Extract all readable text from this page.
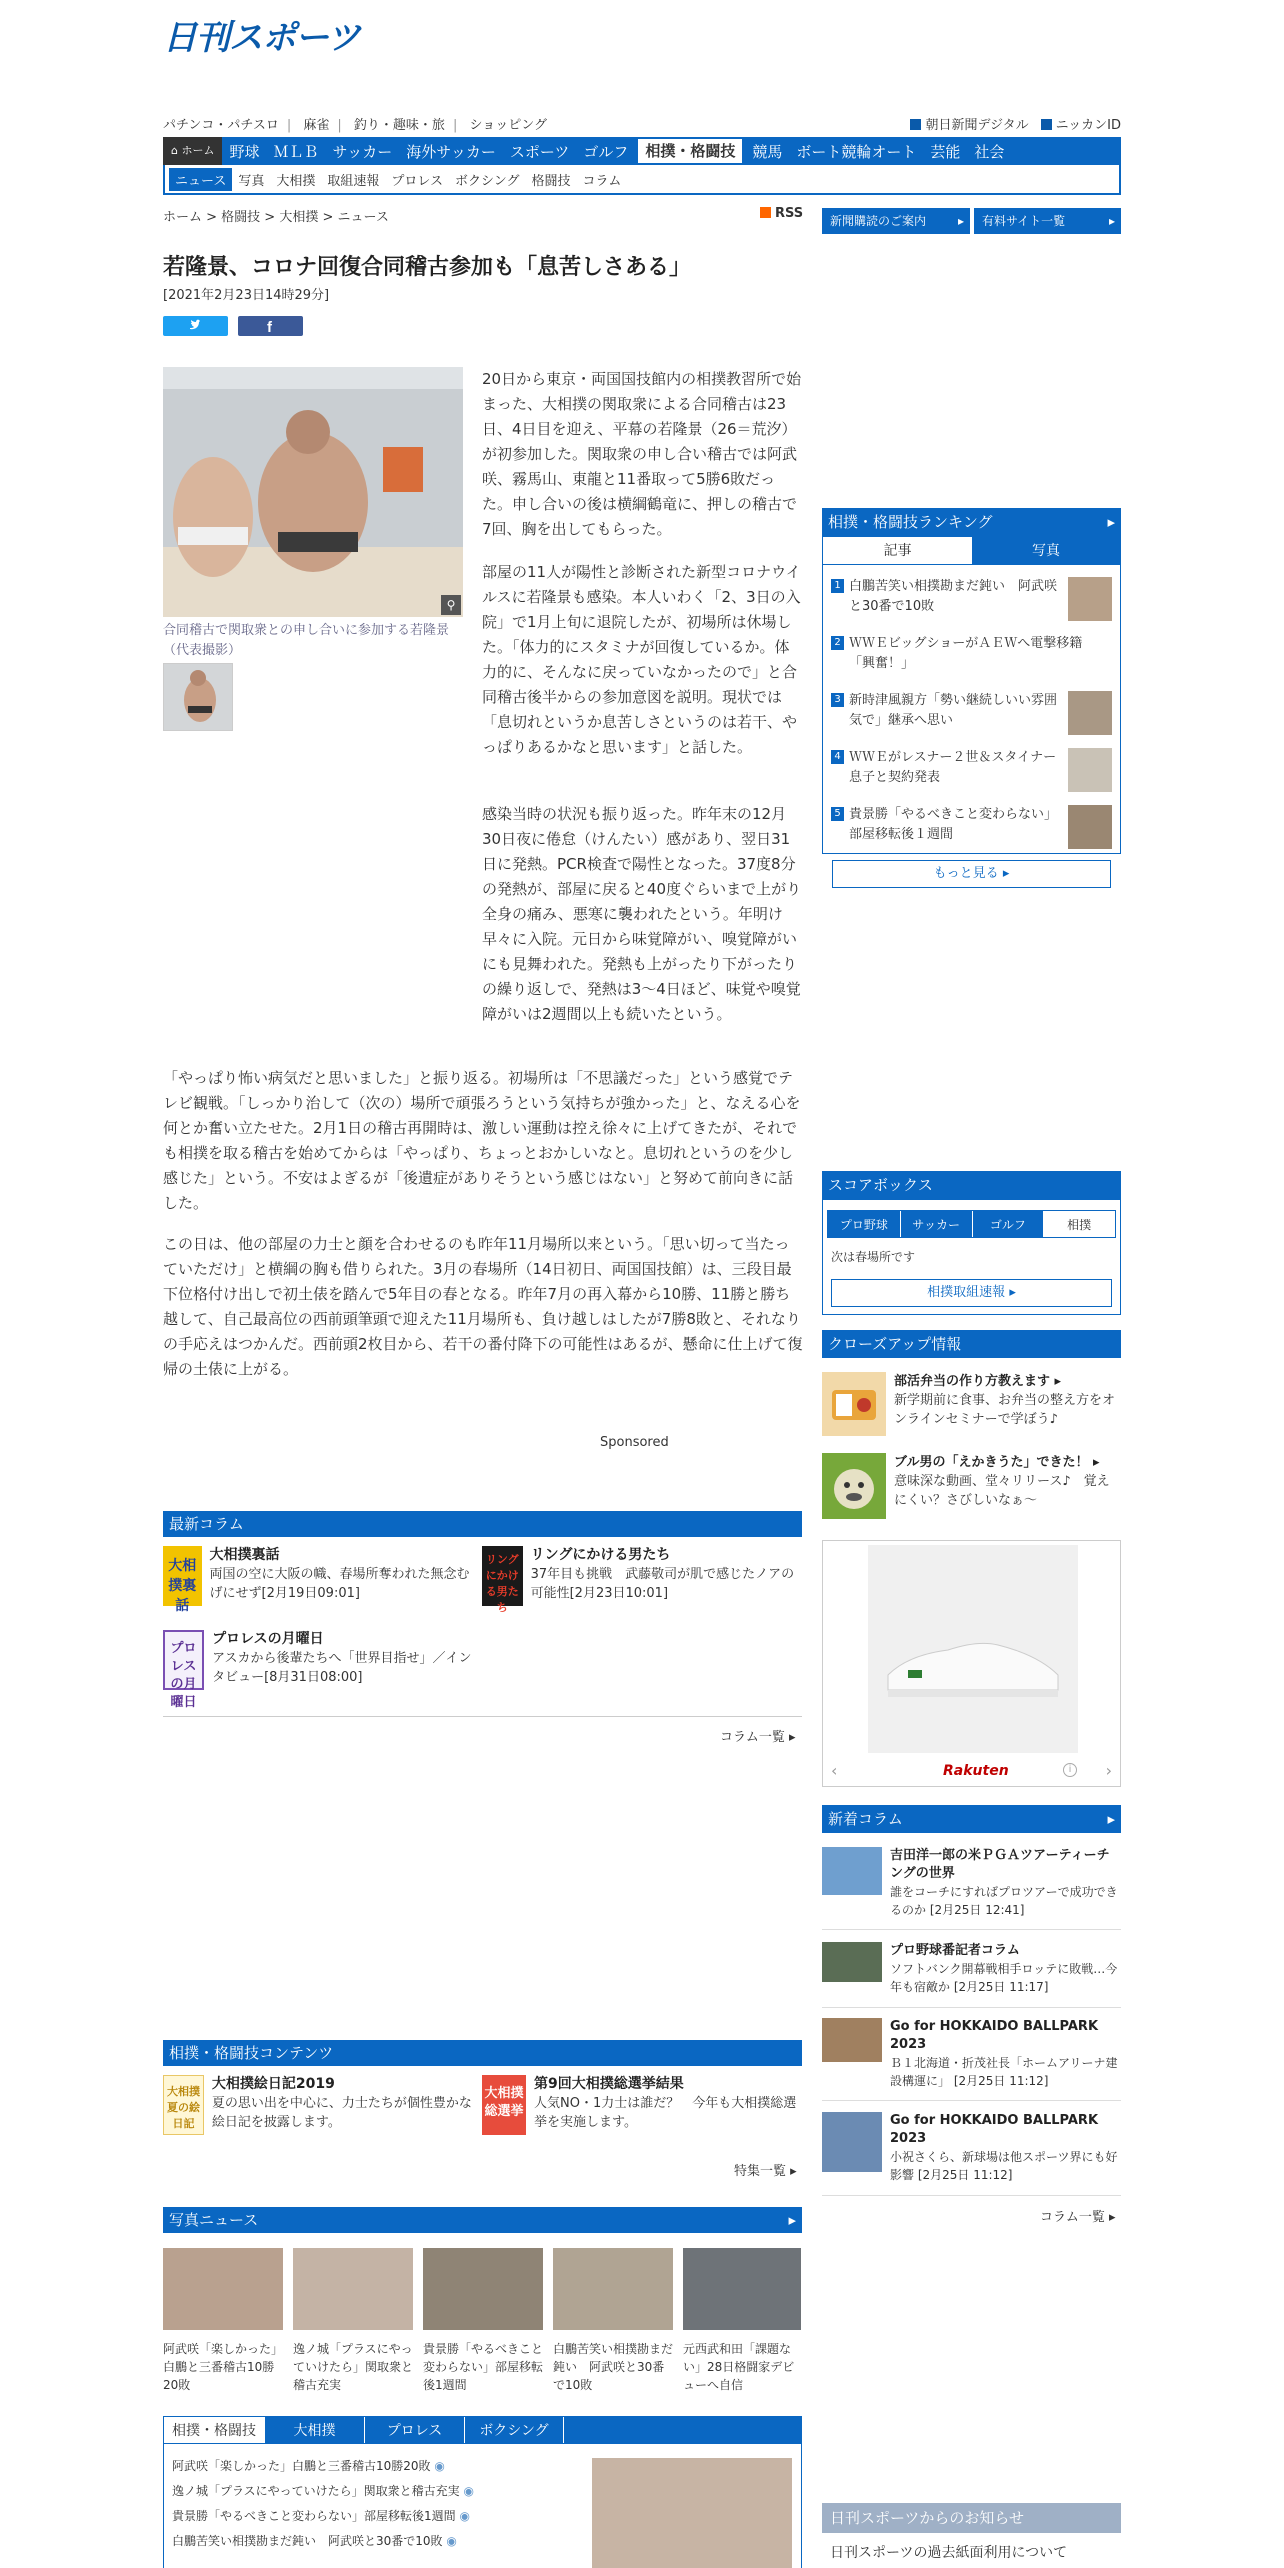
日刊スポーツ
パチンコ・パチスロ | 麻雀 | 釣り・趣味・旅 | ショッピング	朝日新聞デジタル	ニッカンID
⌂ ホーム	野球 ＭＬＢ サッカー 海外サッカー スポーツ ゴルフ	相撲・格闘技	競馬 ボート競輪オート 芸能 社会
ニュース 写真 大相撲 取組速報 プロレス ボクシング 格闘技 コラム
ホーム > 格闘技 > 大相撲 > ニュース	RSS	新聞購読のご案内	▸	有料サイト一覧	▸
若隆景、コロナ回復合同稽古参加も「息苦しさある」
[2021年2月23日14時29分]
f
⚲
合同稽古で関取衆との申し合いに参加する若隆景（代表撮影）

20日から東京・両国国技館内の相撲教習所で始まった、大相撲の関取衆による合同稽古は23日、4日目を迎え、平幕の若隆景（26＝荒汐）が初参加した。関取衆の申し合い稽古では阿武咲、霧馬山、東龍と11番取って5勝6敗だった。申し合いの後は横綱鶴竜に、押しの稽古で7回、胸を出してもらった。

部屋の11人が陽性と診断された新型コロナウイルスに若隆景も感染。本人いわく「2、3日の入院」で1月上旬に退院したが、初場所は休場した。「体力的にスタミナが回復しているか。体力的に、そんなに戻っていなかったので」と合同稽古後半からの参加意図を説明。現状では「息切れというか息苦しさというのは若干、やっぱりあるかなと思います」と話した。

感染当時の状況も振り返った。昨年末の12月30日夜に倦怠（けんたい）感があり、翌日31日に発熱。PCR検査で陽性となった。37度8分の発熱が、部屋に戻ると40度ぐらいまで上がり全身の痛み、悪寒に襲われたという。年明け早々に入院。元日から味覚障がい、嗅覚障がいにも見舞われた。発熱も上がったり下がったりの繰り返しで、発熱は3～4日ほど、味覚や嗅覚障がいは2週間以上も続いたという。

「やっぱり怖い病気だと思いました」と振り返る。初場所は「不思議だった」という感覚でテレビ観戦。「しっかり治して（次の）場所で頑張ろうという気持ちが強かった」と、なえる心を何とか奮い立たせた。2月1日の稽古再開時は、激しい運動は控え徐々に上げてきたが、それでも相撲を取る稽古を始めてからは「やっぱり、ちょっとおかしいなと。息切れというのを少し感じた」という。不安はよぎるが「後遺症がありそうという感じはない」と努めて前向きに話した。

この日は、他の部屋の力士と顔を合わせるのも昨年11月場所以来という。「思い切って当たっていただけ」と横綱の胸も借りられた。3月の春場所（14日初日、両国国技館）は、三段目最下位格付け出しで初土俵を踏んで5年目の春となる。昨年7月の再入幕から10勝、11勝と勝ち越して、自己最高位の西前頭筆頭で迎えた11月場所も、負け越しはしたが7勝8敗と、それなりの手応えはつかんだ。西前頭2枚目から、若干の番付降下の可能性はあるが、懸命に仕上げて復帰の土俵に上がる。

Sponsored
最新コラム
大相撲裏話
大相撲裏話
両国の空に大阪の幟、春場所奪われた無念むげにせず[2月19日09:01]
リングにかける男たち
リングにかける男たち
37年目も挑戦　武藤敬司が肌で感じたノアの可能性[2月23日10:01]
プロレスの月曜日
プロレスの月曜日
アスカから後輩たちへ「世界目指せ」／インタビュー[8月31日08:00]
コラム一覧 ▸
相撲・格闘技コンテンツ
大相撲夏の絵日記
大相撲絵日記2019
夏の思い出を中心に、力士たちが個性豊かな絵日記を披露します。
大相撲総選挙
第9回大相撲総選挙結果
人気NO・1力士は誰だ？　今年も大相撲総選挙を実施します。
特集一覧 ▸
写真ニュース	▸
阿武咲「楽しかった」白鵬と三番稽古10勝20敗
逸ノ城「プラスにやっていけたら」関取衆と稽古充実
貴景勝「やるべきこと変わらない」部屋移転後1週間
白鵬苦笑い相撲勘まだ鈍い　阿武咲と30番で10敗
元西武和田「課題ない」28日格闘家デビューへ自信
相撲・格闘技	大相撲	プロレス	ボクシング
阿武咲「楽しかった」白鵬と三番稽古10勝20敗 ◉
逸ノ城「プラスにやっていけたら」関取衆と稽古充実 ◉
貴景勝「やるべきこと変わらない」部屋移転後1週間 ◉
白鵬苦笑い相撲勘まだ鈍い　阿武咲と30番で10敗 ◉
相撲・格闘技ランキング	▸
記事	写真
1 白鵬苦笑い相撲勘まだ鈍い　阿武咲と30番で10敗
2 ＷＷＥビッグショーがＡＥＷへ電撃移籍「興奮！」
3 新時津風親方「勢い継続しいい雰囲気で」継承へ思い
4 ＷＷＥがレスナー２世＆スタイナー息子と契約発表
5 貴景勝「やるべきこと変わらない」部屋移転後１週間
もっと見る ▸
スコアボックス
プロ野球	サッカー	ゴルフ	相撲
次は春場所です
相撲取組速報 ▸
クローズアップ情報
部活弁当の作り方教えます ▸
新学期前に食事、お弁当の整え方をオンラインセミナーで学ぼう♪
ブル男の「えかきうた」できた！ ▸
意味深な動画、堂々リリース♪　覚えにくい？さびしいなぁ～
‹	Rakuten	i	›
新着コラム	▸
吉田洋一郎の米ＰＧＡツアーティーチングの世界
誰をコーチにすればプロツアーで成功できるのか [2月25日 12:41]
プロ野球番記者コラム
ソフトバンク開幕戦相手ロッテに敗戦…今年も宿敵か [2月25日 11:17]
Go for HOKKAIDO BALLPARK 2023
Ｂ１北海道・折茂社長「ホームアリーナ建設構運に」 [2月25日 11:12]
Go for HOKKAIDO BALLPARK 2023
小祝さくら、新球場は他スポーツ界にも好影響 [2月25日 11:12]
コラム一覧 ▸
日刊スポーツからのお知らせ
日刊スポーツの過去紙面利用について
